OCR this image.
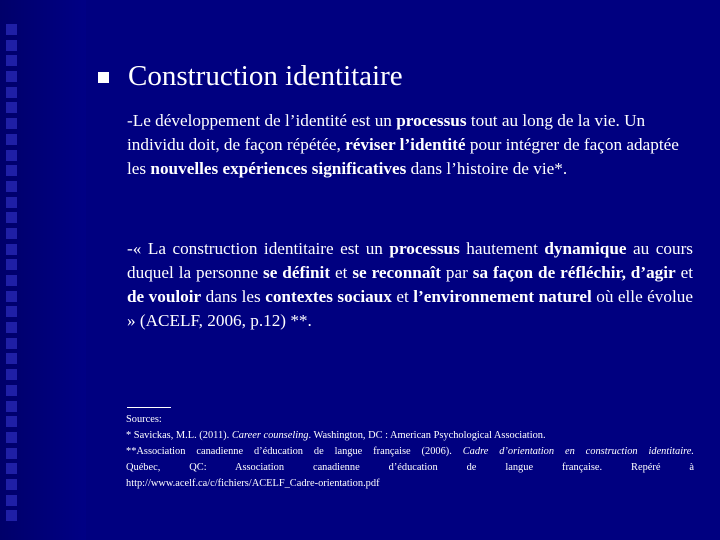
Construction identitaire

-Le développement de l’identité est un processus tout au long de la vie. Un individu doit, de façon répétée, réviser l’identité pour intégrer de façon adaptée les nouvelles expériences significatives dans l’histoire de vie*.

-« La construction identitaire est un processus hautement dynamique au cours duquel la personne se définit et se reconnaît par sa façon de réfléchir, d’agir et de vouloir dans les contextes sociaux et l’environnement naturel où elle évolue » (ACELF, 2006, p.12) **.

Sources:
* Savickas, M.L. (2011). Career counseling. Washington, DC : American Psychological Association.
**Association canadienne d’éducation de langue française (2006). Cadre d’orientation en construction identitaire.
Québec, QC: Association canadienne d’éducation de langue française. Repéré à
http://www.acelf.ca/c/fichiers/ACELF_Cadre-orientation.pdf
